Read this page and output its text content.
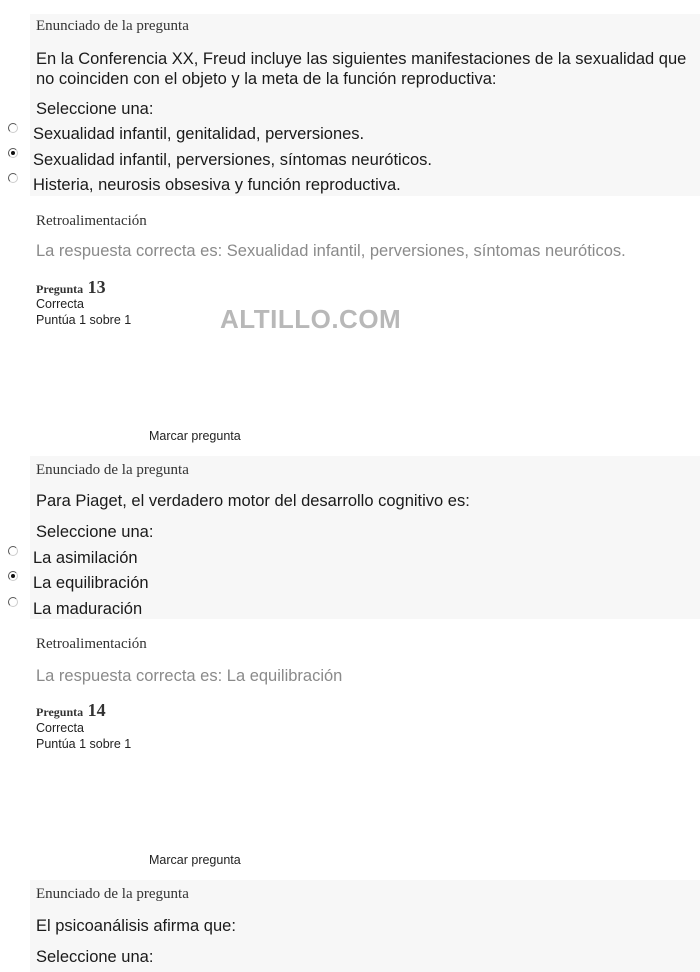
Enunciado de la pregunta
En la Conferencia XX, Freud incluye las siguientes manifestaciones de la sexualidad que no coinciden con el objeto y la meta de la función reproductiva:
Seleccione una:
Sexualidad infantil, genitalidad, perversiones.
Sexualidad infantil, perversiones, síntomas neuróticos.
Histeria, neurosis obsesiva y función reproductiva.
Retroalimentación
La respuesta correcta es: Sexualidad infantil, perversiones, síntomas neuróticos.
Pregunta 13
Correcta
Puntúa 1 sobre 1	ALTILLO.COM
Marcar pregunta
Enunciado de la pregunta
Para Piaget, el verdadero motor del desarrollo cognitivo es:
Seleccione una:
La asimilación
La equilibración
La maduración
Retroalimentación
La respuesta correcta es: La equilibración
Pregunta 14
Correcta
Puntúa 1 sobre 1
Marcar pregunta
Enunciado de la pregunta
El psicoanálisis afirma que:
Seleccione una:
